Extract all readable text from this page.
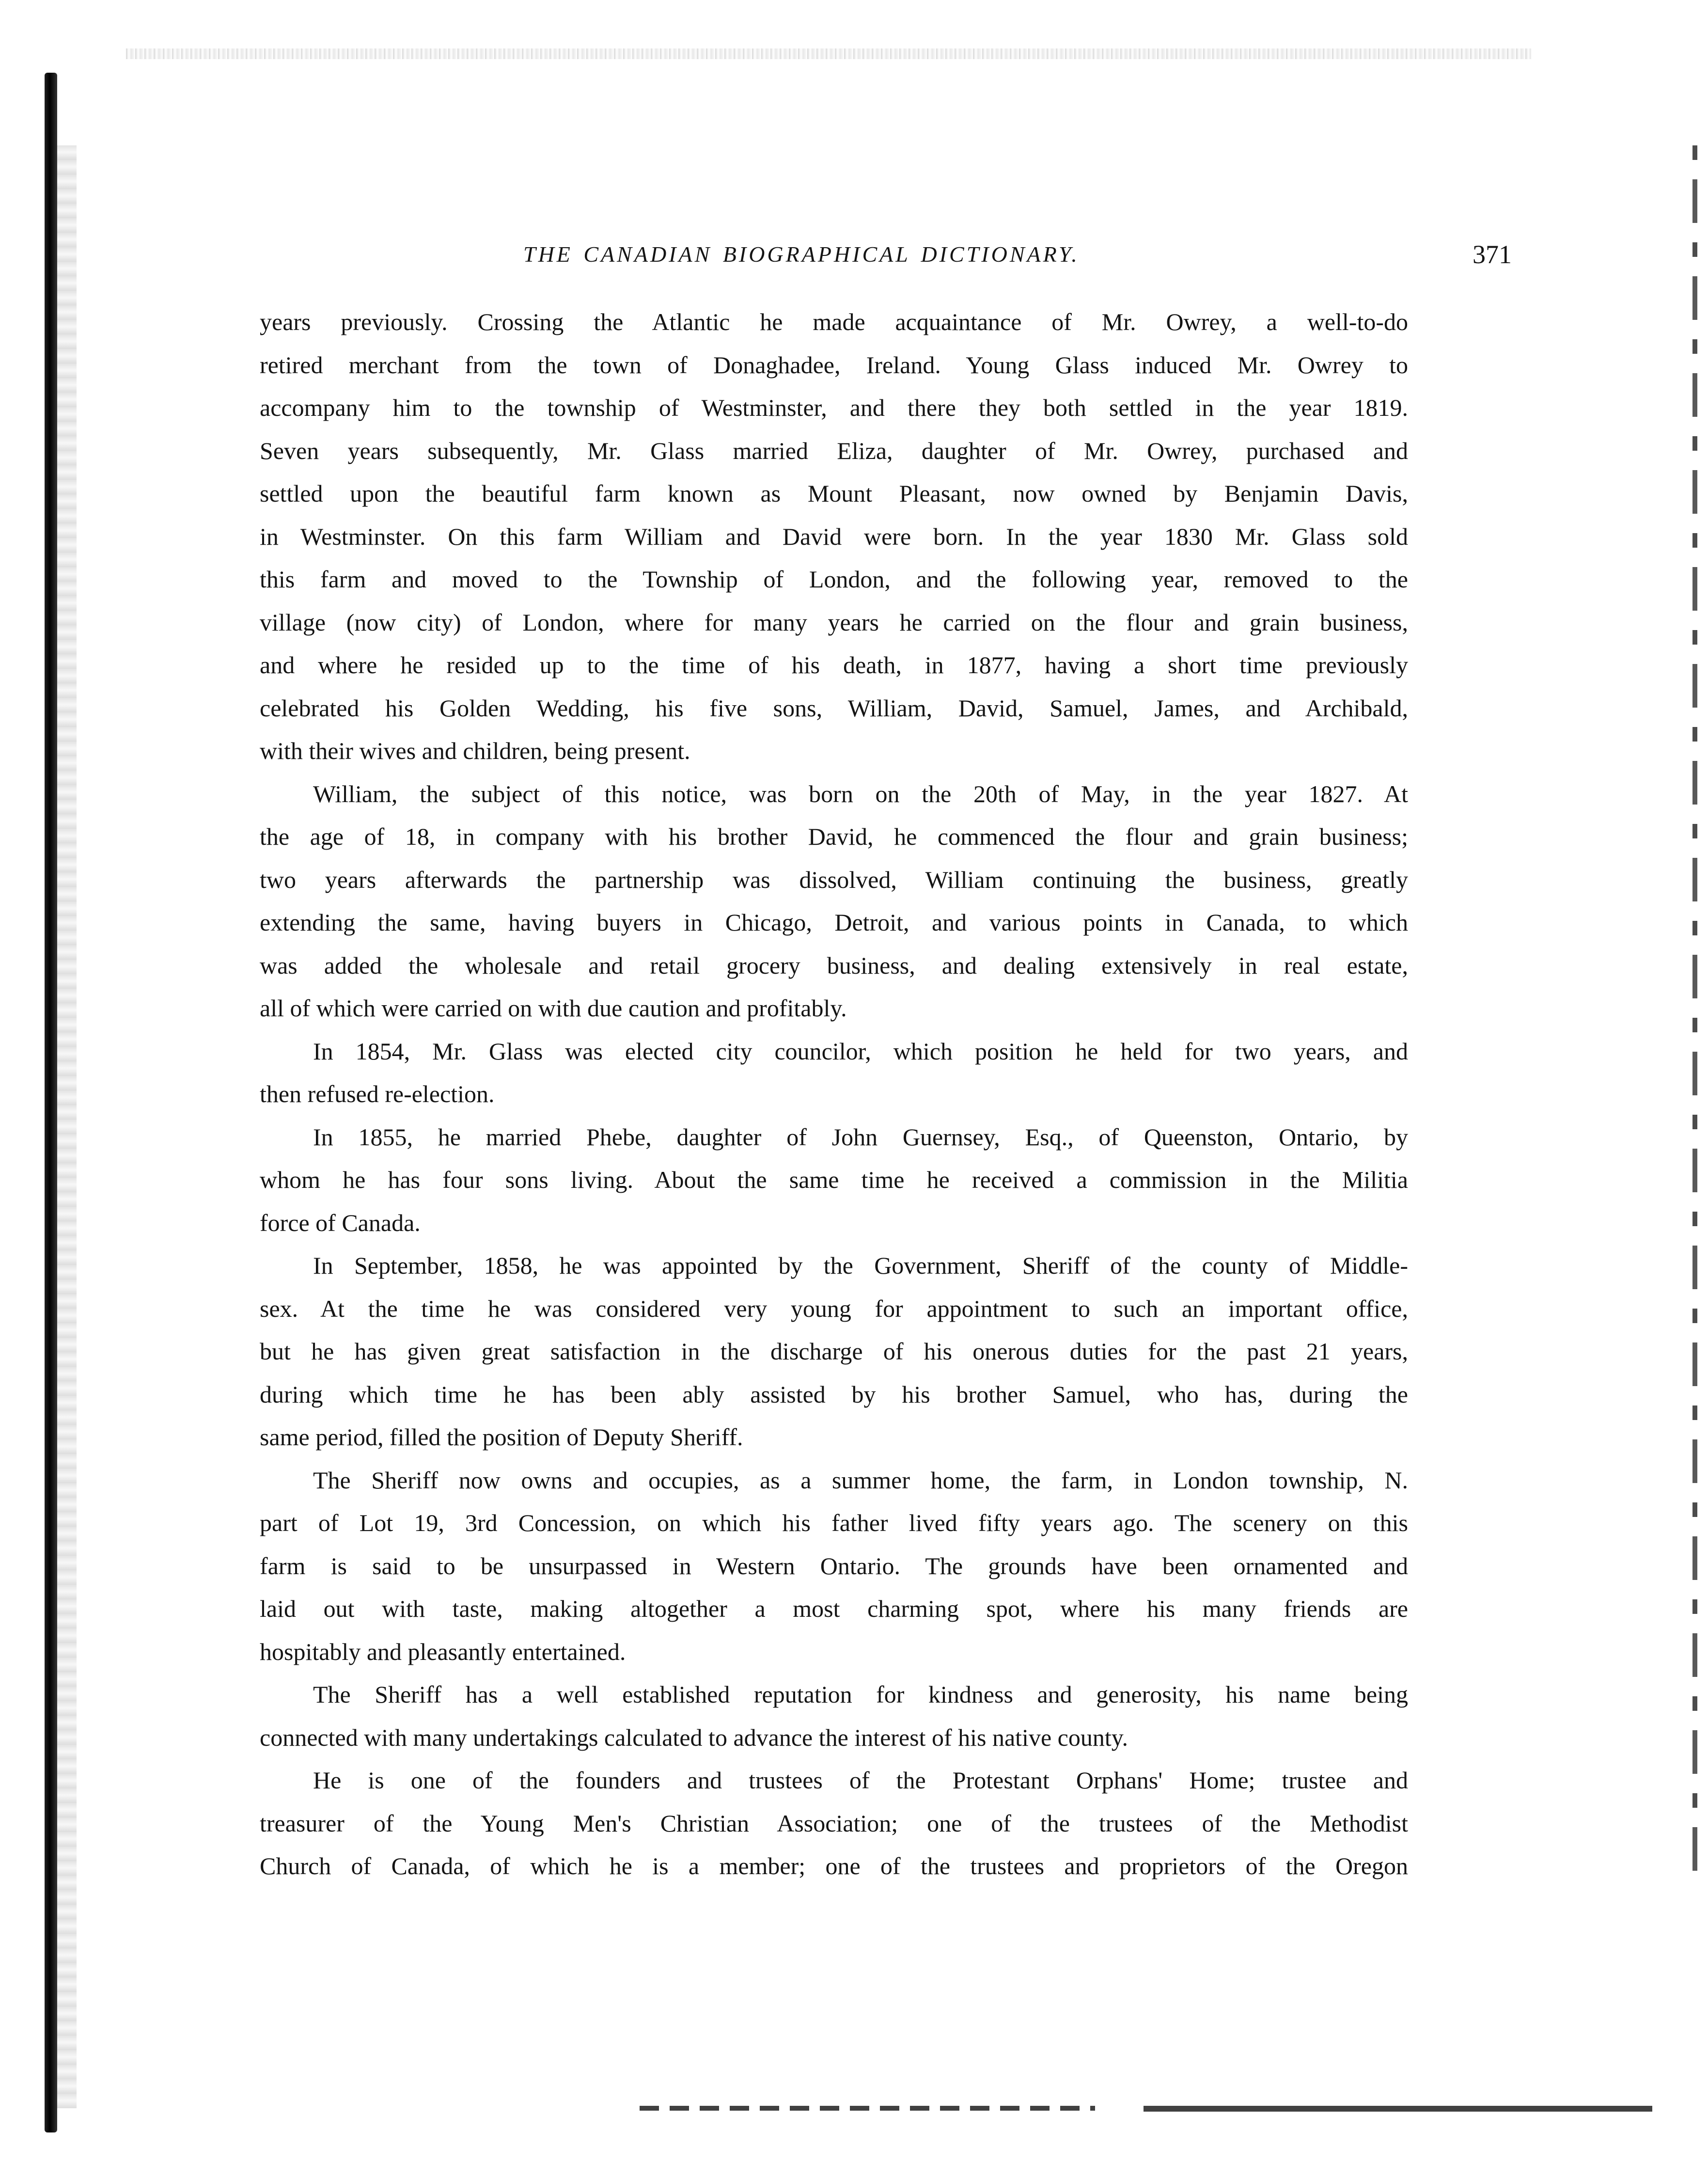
THE CANADIAN BIOGRAPHICAL DICTIONARY.	371
years previously. Crossing the Atlantic he made acquaintance of Mr. Owrey, a well-to-do
retired merchant from the town of Donaghadee, Ireland. Young Glass induced Mr. Owrey to
accompany him to the township of Westminster, and there they both settled in the year 1819.
Seven years subsequently, Mr. Glass married Eliza, daughter of Mr. Owrey, purchased and
settled upon the beautiful farm known as Mount Pleasant, now owned by Benjamin Davis,
in Westminster. On this farm William and David were born. In the year 1830 Mr. Glass sold
this farm and moved to the Township of London, and the following year, removed to the
village (now city) of London, where for many years he carried on the flour and grain business,
and where he resided up to the time of his death, in 1877, having a short time previously
celebrated his Golden Wedding, his five sons, William, David, Samuel, James, and Archibald,
with their wives and children, being present.
William, the subject of this notice, was born on the 20th of May, in the year 1827. At
the age of 18, in company with his brother David, he commenced the flour and grain business;
two years afterwards the partnership was dissolved, William continuing the business, greatly
extending the same, having buyers in Chicago, Detroit, and various points in Canada, to which
was added the wholesale and retail grocery business, and dealing extensively in real estate,
all of which were carried on with due caution and profitably.
In 1854, Mr. Glass was elected city councilor, which position he held for two years, and
then refused re-election.
In 1855, he married Phebe, daughter of John Guernsey, Esq., of Queenston, Ontario, by
whom he has four sons living. About the same time he received a commission in the Militia
force of Canada.
In September, 1858, he was appointed by the Government, Sheriff of the county of Middle-
sex. At the time he was considered very young for appointment to such an important office,
but he has given great satisfaction in the discharge of his onerous duties for the past 21 years,
during which time he has been ably assisted by his brother Samuel, who has, during the
same period, filled the position of Deputy Sheriff.
The Sheriff now owns and occupies, as a summer home, the farm, in London township, N.
part of Lot 19, 3rd Concession, on which his father lived fifty years ago. The scenery on this
farm is said to be unsurpassed in Western Ontario. The grounds have been ornamented and
laid out with taste, making altogether a most charming spot, where his many friends are
hospitably and pleasantly entertained.
The Sheriff has a well established reputation for kindness and generosity, his name being
connected with many undertakings calculated to advance the interest of his native county.
He is one of the founders and trustees of the Protestant Orphans' Home; trustee and
treasurer of the Young Men's Christian Association; one of the trustees of the Methodist
Church of Canada, of which he is a member; one of the trustees and proprietors of the Oregon
